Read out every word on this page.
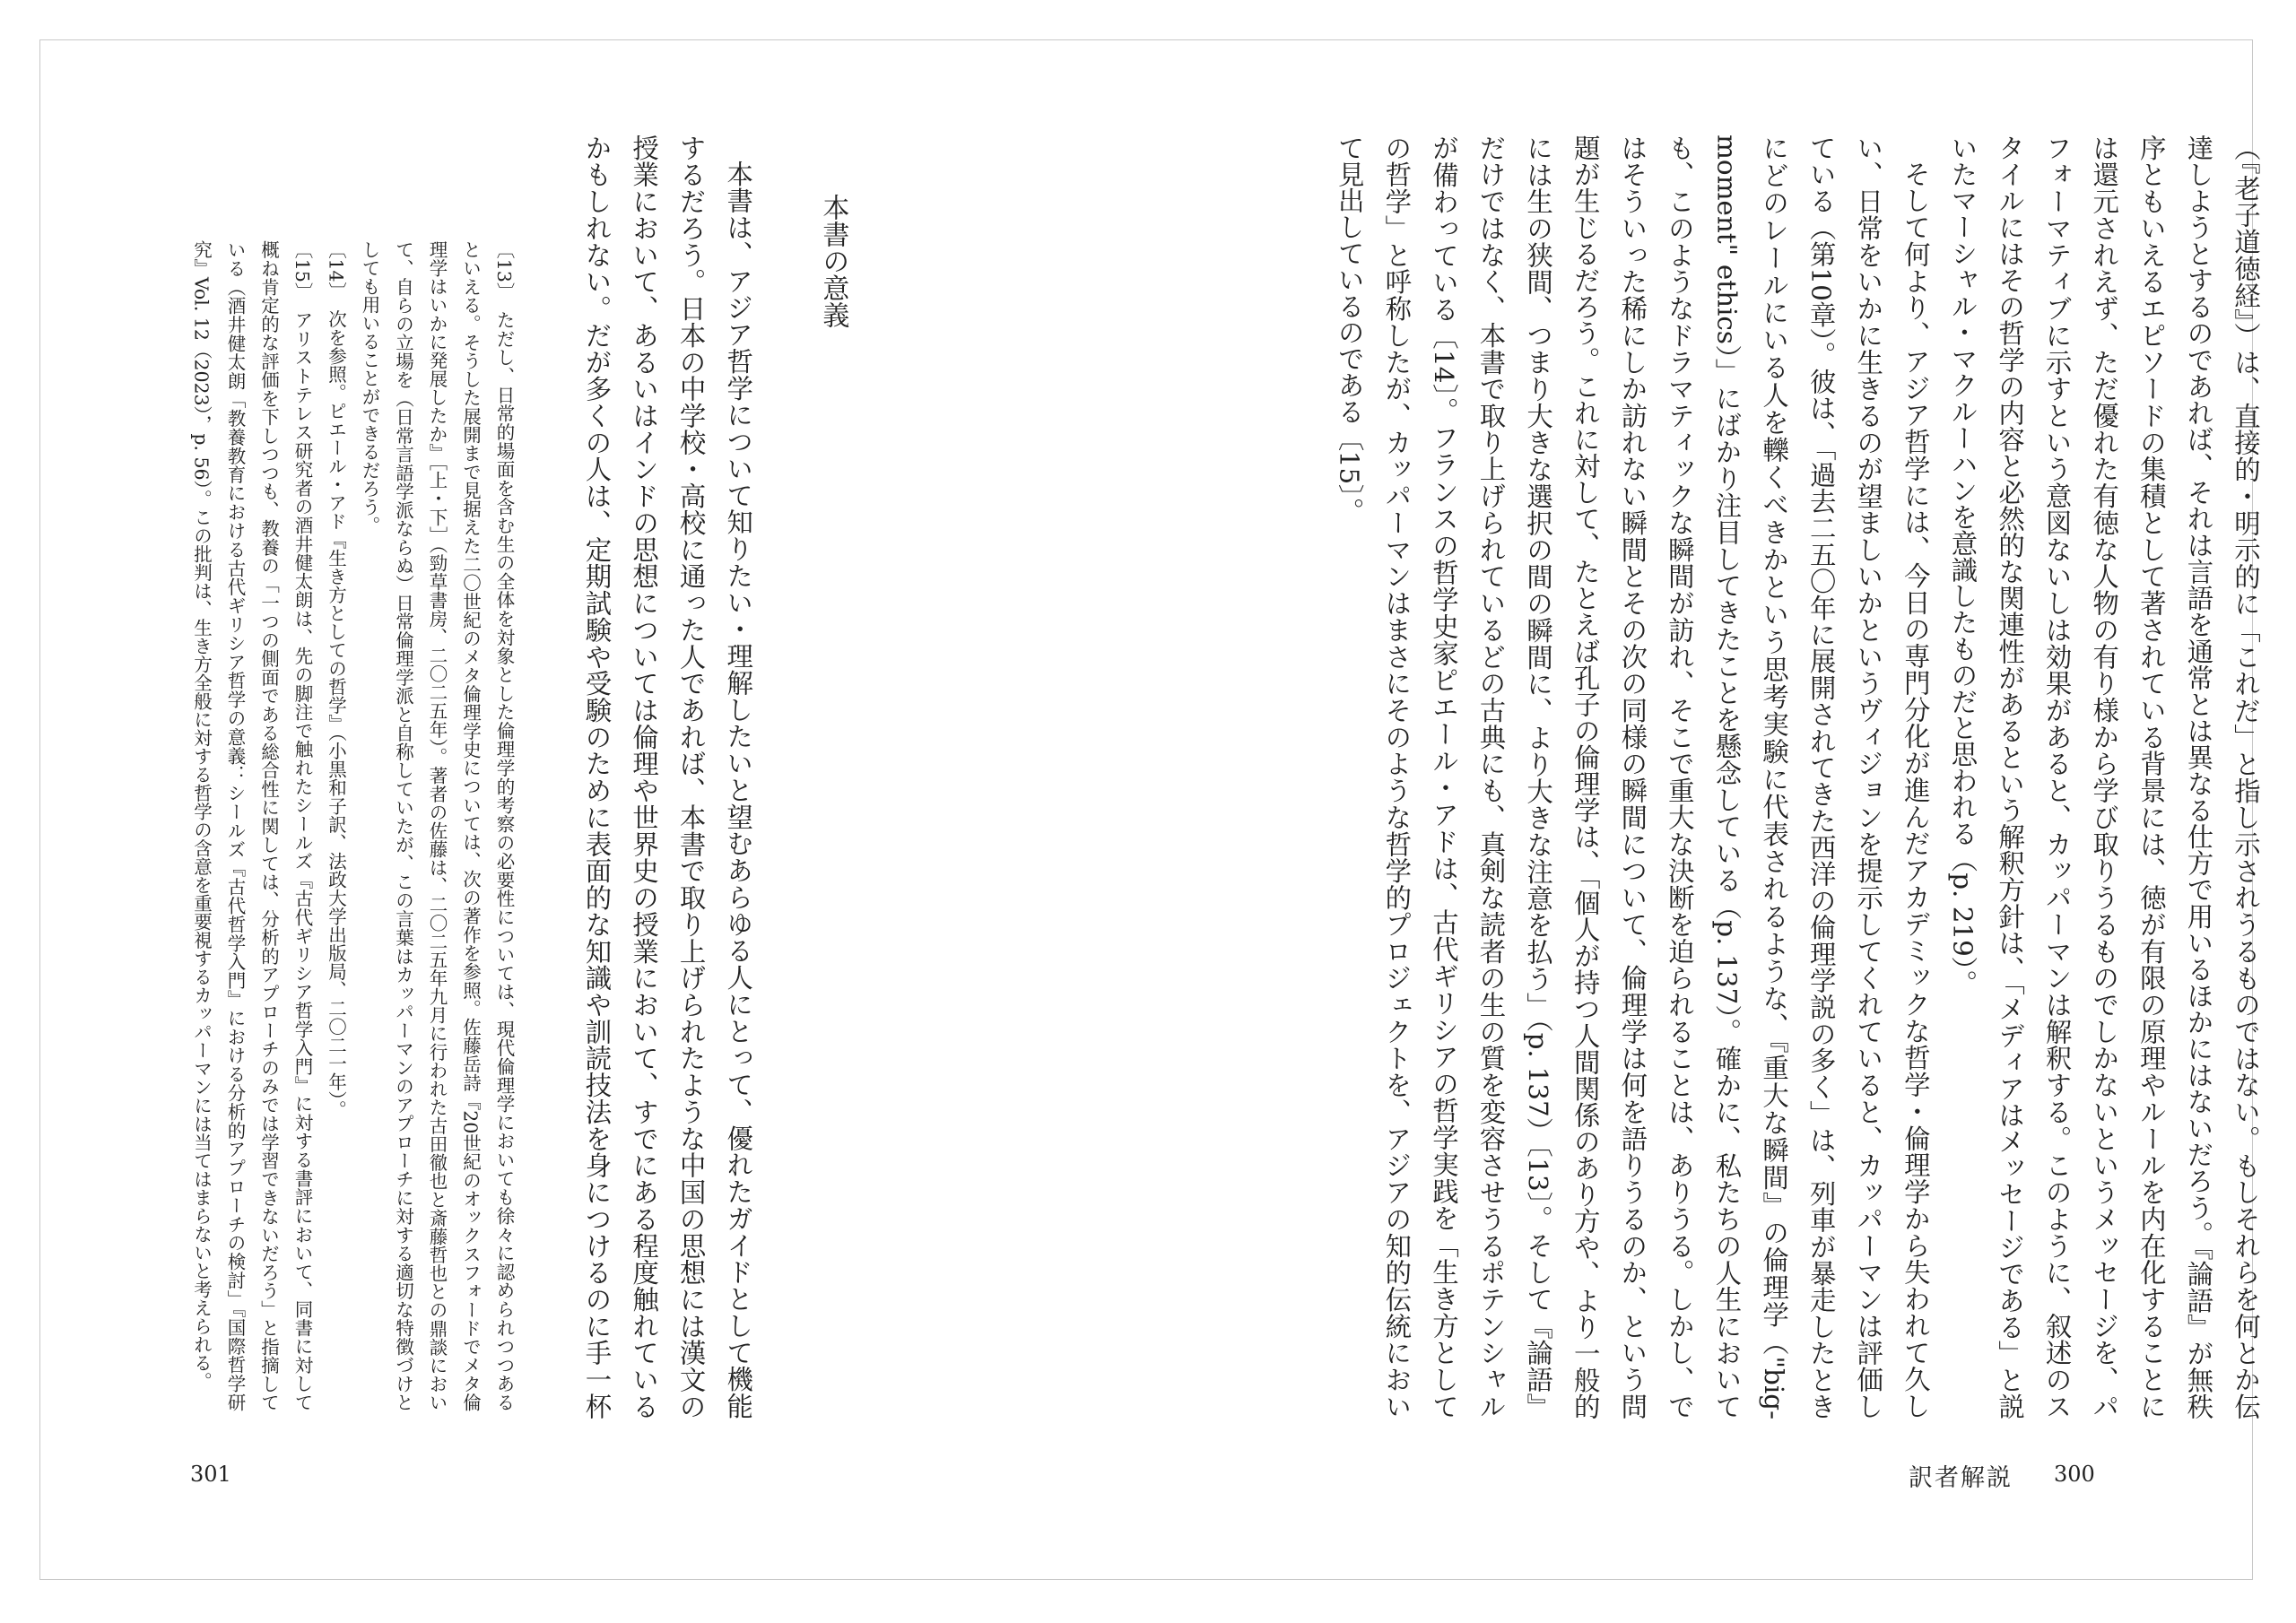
（『老子道徳経』）は、直接的・明示的に「これだ」と指し示されうるものではない。もしそれらを何とか伝達しようとするのであれば、それは言語を通常とは異なる仕方で用いるほかにはないだろう。『論語』が無秩序ともいえるエピソードの集積として著されている背景には、徳が有限の原理やルールを内在化することには還元されえず、ただ優れた有徳な人物の有り様から学び取りうるものでしかないというメッセージを、パフォーマティブに示すという意図ないしは効果があると、カッパーマンは解釈する。このように、叙述のスタイルにはその哲学の内容と必然的な関連性があるという解釈方針は、「メディアはメッセージである」と説いたマーシャル・マクルーハンを意識したものだと思われる（p. 219）。

そして何より、アジア哲学には、今日の専門分化が進んだアカデミックな哲学・倫理学から失われて久しい、日常をいかに生きるのが望ましいかというヴィジョンを提示してくれていると、カッパーマンは評価している（第10章）。彼は、「過去二五〇年に展開されてきた西洋の倫理学説の多く」は、列車が暴走したときにどのレールにいる人を轢くべきかという思考実験に代表されるような、『重大な瞬間』の倫理学（"big-moment" ethics）」にばかり注目してきたことを懸念している（p. 137）。確かに、私たちの人生においても、このようなドラマティックな瞬間が訪れ、そこで重大な決断を迫られることは、ありうる。しかし、ではそういった稀にしか訪れない瞬間とその次の同様の瞬間について、倫理学は何を語りうるのか、という問題が生じるだろう。これに対して、たとえば孔子の倫理学は、「個人が持つ人間関係のあり方や、より一般的には生の狭間、つまり大きな選択の間の瞬間に、より大きな注意を払う」（p. 137）〔13〕。そして『論語』だけではなく、本書で取り上げられているどの古典にも、真剣な読者の生の質を変容させうるポテンシャルが備わっている〔14〕。フランスの哲学史家ピエール・アドは、古代ギリシアの哲学実践を「生き方としての哲学」と呼称したが、カッパーマンはまさにそのような哲学的プロジェクトを、アジアの知的伝統において見出しているのである〔15〕。

本書の意義

本書は、アジア哲学について知りたい・理解したいと望むあらゆる人にとって、優れたガイドとして機能するだろう。日本の中学校・高校に通った人であれば、本書で取り上げられたような中国の思想には漢文の授業において、あるいはインドの思想については倫理や世界史の授業において、すでにある程度触れているかもしれない。だが多くの人は、定期試験や受験のために表面的な知識や訓読技法を身につけるのに手一杯

〔13〕　ただし、日常的場面を含む生の全体を対象とした倫理学的考察の必要性については、現代倫理学においても徐々に認められつつあるといえる。そうした展開まで見据えた二〇世紀のメタ倫理学史については、次の著作を参照。佐藤岳詩『20世紀のオックスフォードでメタ倫理学はいかに発展したか』［上・下］（勁草書房、二〇二五年）。著者の佐藤は、二〇二五年九月に行われた古田徹也と斎藤哲也との鼎談において、自らの立場を（日常言語学派ならぬ）日常倫理学派と自称していたが、この言葉はカッパーマンのアプローチに対する適切な特徴づけとしても用いることができるだろう。

〔14〕　次を参照。ピエール・アド『生き方としての哲学』（小黒和子訳、法政大学出版局、二〇二一年）。

〔15〕　アリストテレス研究者の酒井健太朗は、先の脚注で触れたシールズ『古代ギリシア哲学入門』に対する書評において、同書に対して概ね肯定的な評価を下しつつも、教養の「一つの側面である総合性に関しては、分析的アプローチのみでは学習できないだろう」と指摘している（酒井健太朗「教養教育における古代ギリシア哲学の意義：シールズ『古代哲学入門』における分析的アプローチの検討」『国際哲学研究』Vol. 12（2023），p. 56）。この批判は、生き方全般に対する哲学の含意を重要視するカッパーマンには当てはまらないと考えられる。

訳者解説 300
301
